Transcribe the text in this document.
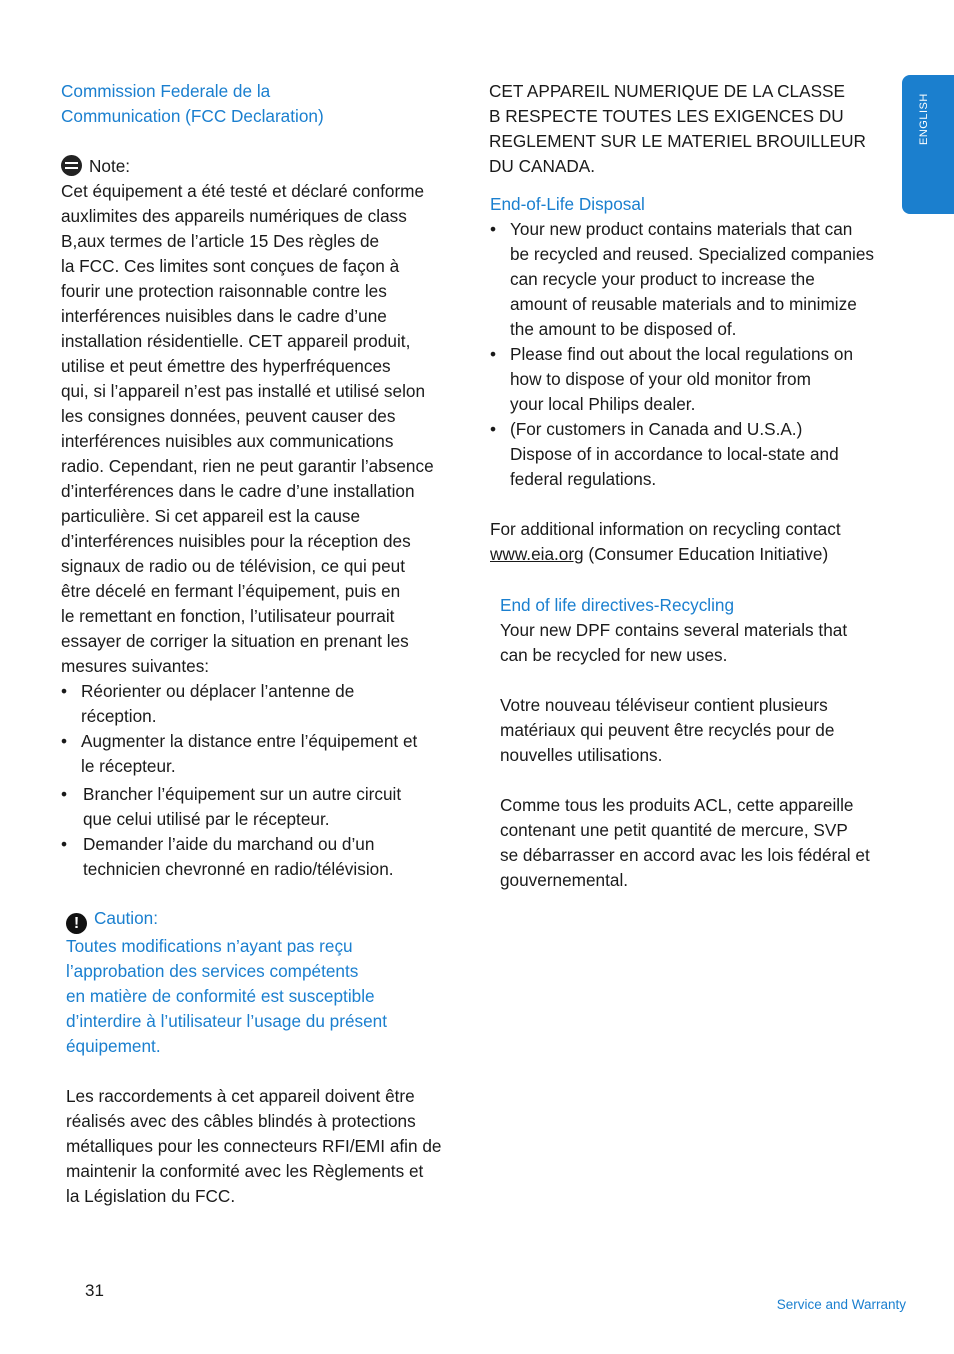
ENGLISH

Commission Federale de la

Communication (FCC Declaration)

Note:

Cet équipement a été testé et déclaré conforme

auxlimites des appareils numériques de class

B,aux termes de l’article 15 Des règles de

la FCC. Ces limites sont conçues de façon à

fourir une protection raisonnable contre les

interférences nuisibles dans le cadre d’une

installation résidentielle. CET appareil produit,

utilise et peut émettre des hyperfréquences

qui, si l’appareil n’est pas installé et utilisé selon

les consignes données, peuvent causer des

interférences nuisibles aux communications

radio. Cependant, rien ne peut garantir l’absence

d’interférences dans le cadre d’une installation

particulière. Si cet appareil est la cause

d’interférences nuisibles pour la réception des

signaux de radio ou de télévision, ce qui peut

être décelé en fermant l’équipement, puis en

le remettant en fonction, l’utilisateur pourrait

essayer de corriger la situation en prenant les

mesures suivantes:

• Réorienter ou déplacer l’antenne de

réception.

• Augmenter la distance entre l’équipement et

le récepteur.

• Brancher l’équipement sur un autre circuit

que celui utilisé par le récepteur.

• Demander l’aide du marchand ou d’un

technicien chevronné en radio/télévision.

! Caution:

Toutes modifications n’ayant pas reçu

l’approbation des services compétents

en matière de conformité est susceptible

d’interdire à l’utilisateur l’usage du présent

équipement.

Les raccordements à cet appareil doivent être

réalisés avec des câbles blindés à protections

métalliques pour les connecteurs RFI/EMI afin de

maintenir la conformité avec les Règlements et

la Législation du FCC.

CET APPAREIL NUMERIQUE DE LA CLASSE

B RESPECTE TOUTES LES EXIGENCES DU

REGLEMENT SUR LE MATERIEL BROUILLEUR

DU CANADA.

End-of-Life Disposal

• Your new product contains materials that can

be recycled and reused. Specialized companies

can recycle your product to increase the

amount of reusable materials and to minimize

the amount to be disposed of.

• Please find out about the local regulations on

how to dispose of your old monitor from

your local Philips dealer.

• (For customers in Canada and U.S.A.)

Dispose of in accordance to local-state and

federal regulations.

For additional information on recycling contact

www.eia.org (Consumer Education Initiative)

End of life directives-Recycling

Your new DPF contains several materials that

can be recycled for new uses.

Votre nouveau téléviseur contient plusieurs

matériaux qui peuvent être recyclés pour de

nouvelles utilisations.

Comme tous les produits ACL, cette appareille

contenant une petit quantité de mercure, SVP

se débarrasser en accord avac les lois fédéral et

gouvernemental.

31
Service and Warranty
